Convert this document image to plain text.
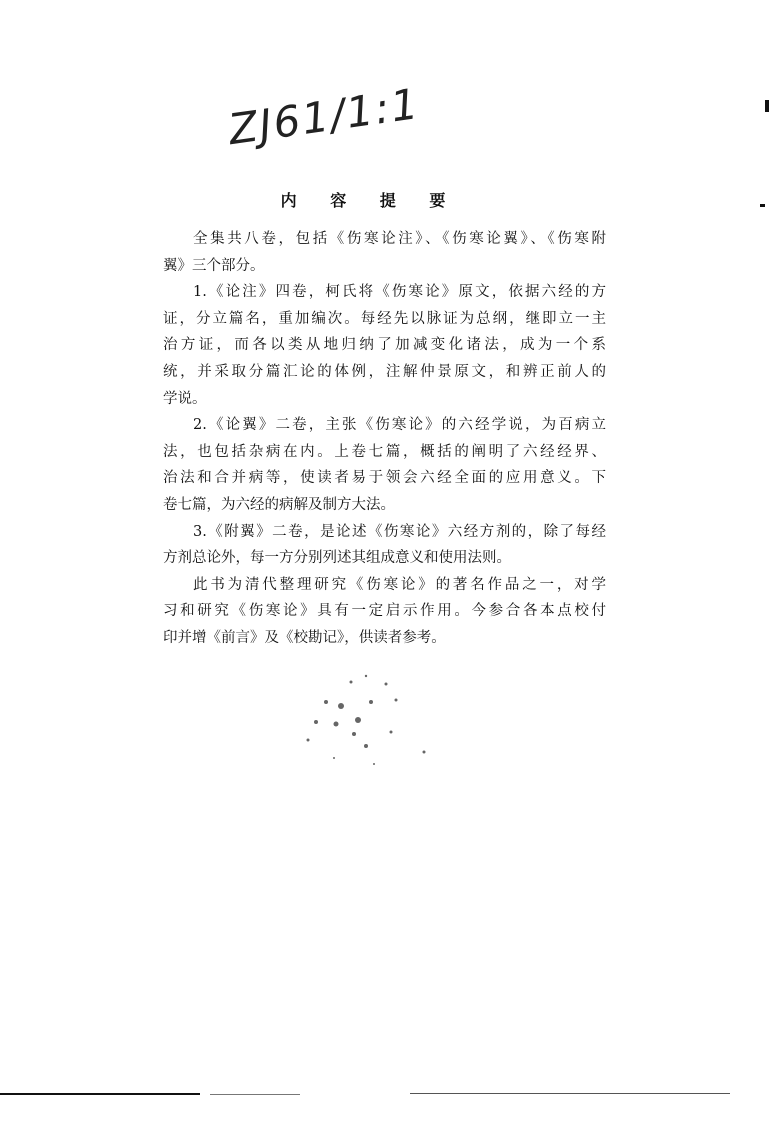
ZJ61/1:1
内 容 提 要
全集共八卷，包括《伤寒论注》、《伤寒论翼》、《伤寒附
翼》三个部分。
1.《论注》四卷，柯氏将《伤寒论》原文，依据六经的方
证，分立篇名，重加编次。每经先以脉证为总纲，继即立一主
治方证，而各以类从地归纳了加减变化诸法，成为一个系
统，并采取分篇汇论的体例，注解仲景原文，和辨正前人的
学说。
2.《论翼》二卷，主张《伤寒论》的六经学说，为百病立
法，也包括杂病在内。上卷七篇，概括的阐明了六经经界、
治法和合并病等，使读者易于领会六经全面的应用意义。下
卷七篇，为六经的病解及制方大法。
3.《附翼》二卷，是论述《伤寒论》六经方剂的，除了每经
方剂总论外，每一方分别列述其组成意义和使用法则。
此书为清代整理研究《伤寒论》的著名作品之一，对学
习和研究《伤寒论》具有一定启示作用。今参合各本点校付
印并增《前言》及《校勘记》，供读者参考。
